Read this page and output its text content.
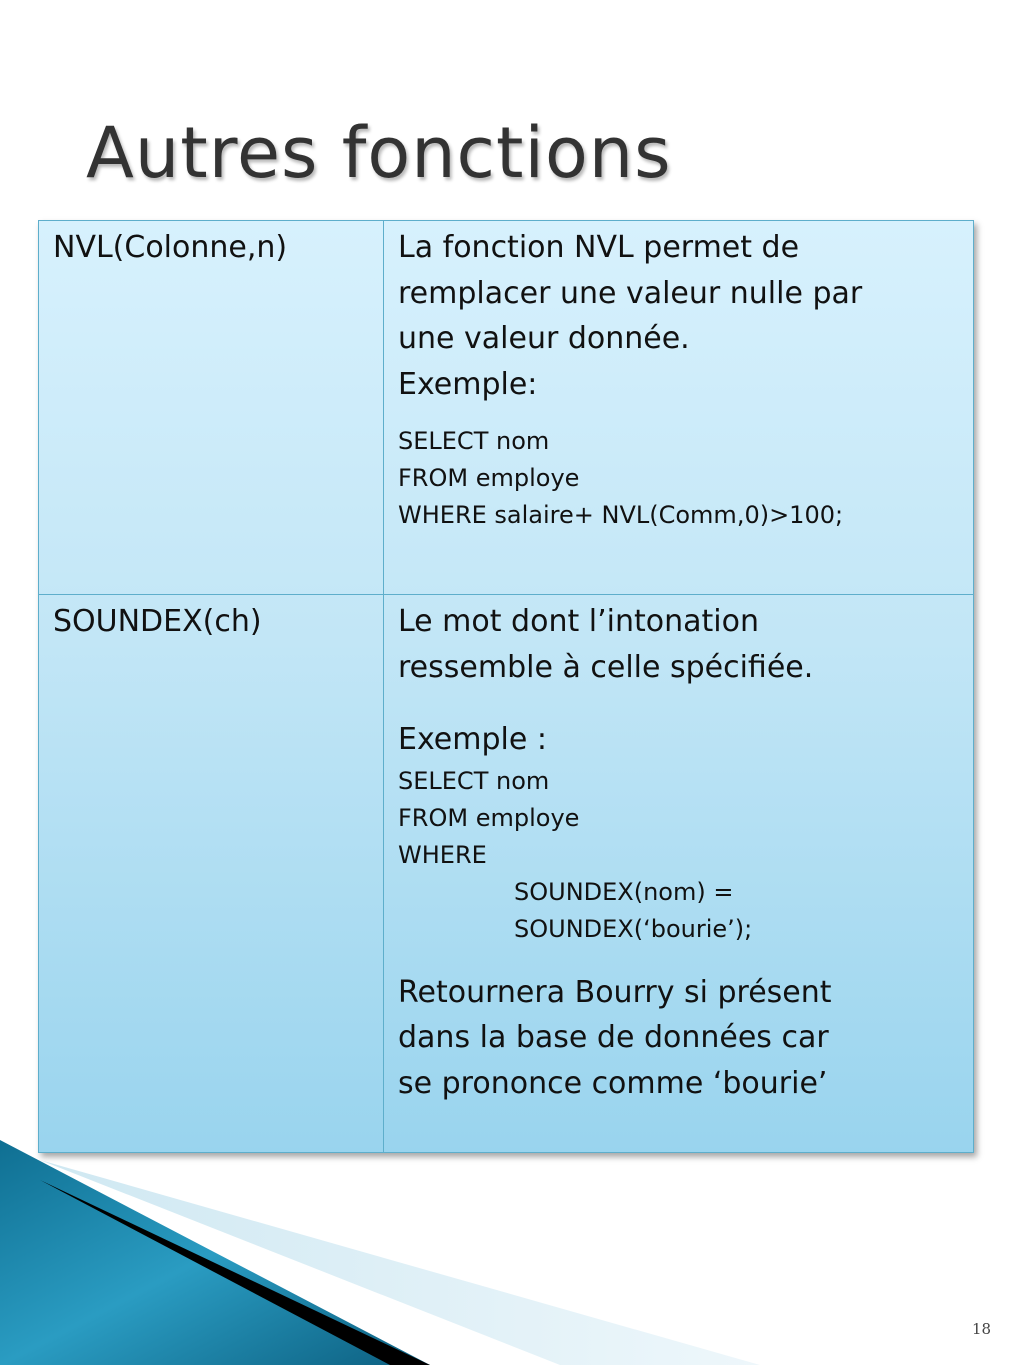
Autres fonctions
NVL(Colonne,n)	La fonction NVL permet de
remplacer une valeur nulle par
une valeur donnée.
Exemple:
SELECT nom
FROM employe
WHERE salaire+ NVL(Comm,0)>100;
SOUNDEX(ch)	Le mot dont l’intonation
ressemble à celle spécifiée.
Exemple :
SELECT nom
FROM employe
WHERE
SOUNDEX(nom) =
SOUNDEX(‘bourie’);
Retournera Bourry si présent
dans la base de données car
se prononce comme ‘bourie’
18
